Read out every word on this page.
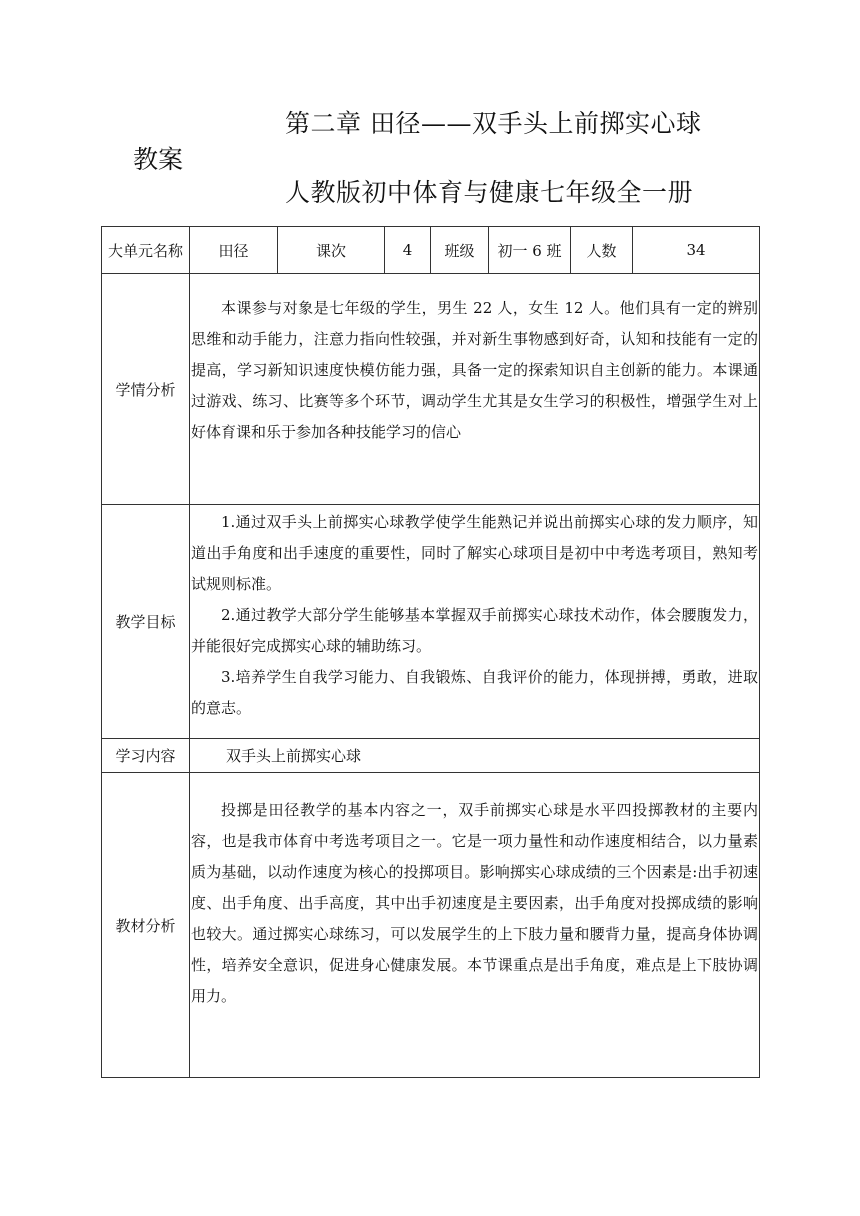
第二章 田径——双手头上前掷实心球
教案
人教版初中体育与健康七年级全一册
大单元名称	田径	课次	4	班级	初一 6 班	人数	34
学情分析	本课参与对象是七年级的学生，男生 22 人，女生 12 人。他们具有一定的辨别思维和动手能力，注意力指向性较强，并对新生事物感到好奇，认知和技能有一定的提高，学习新知识速度快模仿能力强，具备一定的探索知识自主创新的能力。本课通过游戏、练习、比赛等多个环节，调动学生尤其是女生学习的积极性，增强学生对上好体育课和乐于参加各种技能学习的信心						

教学目标	1.通过双手头上前掷实心球教学使学生能熟记并说出前掷实心球的发力顺序，知道出手角度和出手速度的重要性，同时了解实心球项目是初中中考选考项目，熟知考试规则标准。
2.通过教学大部分学生能够基本掌握双手前掷实心球技术动作，体会腰腹发力，并能很好完成掷实心球的辅助练习。
3.培养学生自我学习能力、自我锻炼、自我评价的能力，体现拼搏，勇敢，进取的意志。						

学习内容	双手头上前掷实心球						

教材分析	投掷是田径教学的基本内容之一，双手前掷实心球是水平四投掷教材的主要内容，也是我市体育中考选考项目之一。它是一项力量性和动作速度相结合，以力量素质为基础，以动作速度为核心的投掷项目。影响掷实心球成绩的三个因素是:出手初速度、出手角度、出手高度，其中出手初速度是主要因素，出手角度对投掷成绩的影响也较大。通过掷实心球练习，可以发展学生的上下肢力量和腰背力量，提高身体协调性，培养安全意识，促进身心健康发展。本节课重点是出手角度，难点是上下肢协调用力。						
